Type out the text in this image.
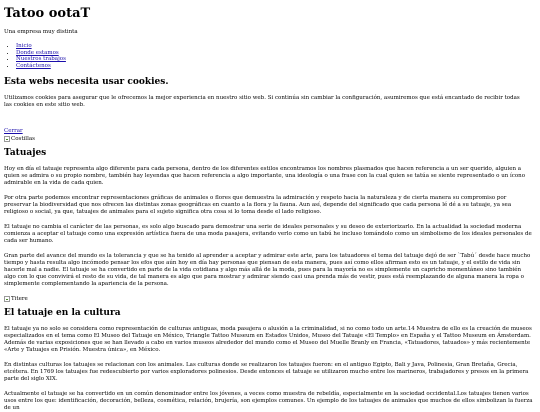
Tatoo ootaT
Una empresa muy distinta
• Inicio
• Donde estamos
• Nuestros trabajos
• Contáctenos
Esta webs necesita usar cookies.
Utilizamos cookies para asegurar que le ofrecemos la mejor experiencia en nuestro sitio web. Si continúa sin cambiar la configuración, asumiremos que está encantado de recibir todas las cookies en este sitio web.
Cerrar
Costillas
Tatuajes
Hoy en día el tatuaje representa algo diferente para cada persona, dentro de los diferentes estilos encontramos los nombres plasmados que hacen referencia a un ser querido, alguien a quien se admira o su propio nombre, también hay leyendas que hacen referencia a algo importante, una ideología o una frase con la cual quien se tatúa se siente representado o un ícono admirable en la vida de cada quien.
Por otra parte podemos encontrar representaciones gráficas de animales o flores que demuestra la admiración y respeto hacia la naturaleza y de cierta manera su compromiso por preservar la biodiversidad que nos ofrecen las distintas zonas geográficas en cuanto a la flora y la fauna. Aun así, depende del significado que cada persona lé dé a su tatuaje, ya sea religioso o social, ya que, tatuajes de animales para el sujeto significa otra cosa si lo toma desde el lado religioso.
El tatuaje no cambia el carácter de las personas, es solo algo buscado para demostrar una serie de ideales personales y su deseo de exteriorizarlo. En la actualidad la sociedad moderna comienza a aceptar el tatuaje como una expresión artística fuera de una moda pasajera, evitando verlo como un tabú he incluso tomándolo como un simbolismo de los ideales personales de cada ser humano.
Gran parte del avance del mundo es la tolerancia y que se ha tenido al aprender a aceptar y admirar este arte, para los tatuadores el tema del tatuaje dejó de ser `Tabú´ desde hace mucho tiempo y hasta resulta algo incómodo pensar los efos que aún hoy en día hay personas que piensan de esta manera, pues así como ellos afirman esto es un tatuaje, y el estilo de vida sin hacerle mal a nadie. El tatuaje se ha convertido en parte de la vida cotidiana y algo más allá de la moda, pues para la mayoría no es simplemente un capricho momentáneo sino también algo con lo que convivirá el resto de su vida, de tal manera es algo que para mostrar y admirar siendo casi una prenda más de vestir, pues está reemplazando de alguna manera la ropa o simplemente complementando la apariencia de la persona.
Titere
El tatuaje en la cultura
El tatuaje ya no solo se considera como representación de culturas antiguas, moda pasajera o alusión a la criminalidad, si no como todo un arte.14 Muestra de ello es la creación de museos especializados en el tema como El Museo del Tatuaje en México, Triangle Tattoo Museum en Estados Unidos, Museo del Tatuaje «El Templo» en España y el Tattoo Museum en Ámsterdam. Además de varias exposiciones que se han llevado a cabo en varios museos alrededor del mundo como el Museo del Muelle Branly en Francia, «Tatuadores, tatuados» y más recientemente «Arte y Tatuajes en Prisión. Muestra única», en México.
En distintas culturas los tatuajes se relacionan con los animales. Las culturas donde se realizaron los tatuajes fueron: en el antiguo Egipto, Bali y Java, Polinesia, Gran Bretaña, Grecia, etcétera. En 1769 los tatuajes fue redescubierto por varios exploradores polinesios. Desde entonces el tatuaje se utilizaron mucho entre los marineros, trabajadores y presos en la primera parte del siglo XIX.
Actualmente el tatuaje se ha convertido en un común denominador entre los jóvenes, a veces como muestra de rebeldía, especialmente en la sociedad occidental.Los tatuajes tienen varios usos entre los que: identificación, decoración, belleza, cosmética, relación, brujería, son ejemplos comunes. Un ejemplo de los tatuajes de animales que muchos de ellos simbolizan la fuerza de un
